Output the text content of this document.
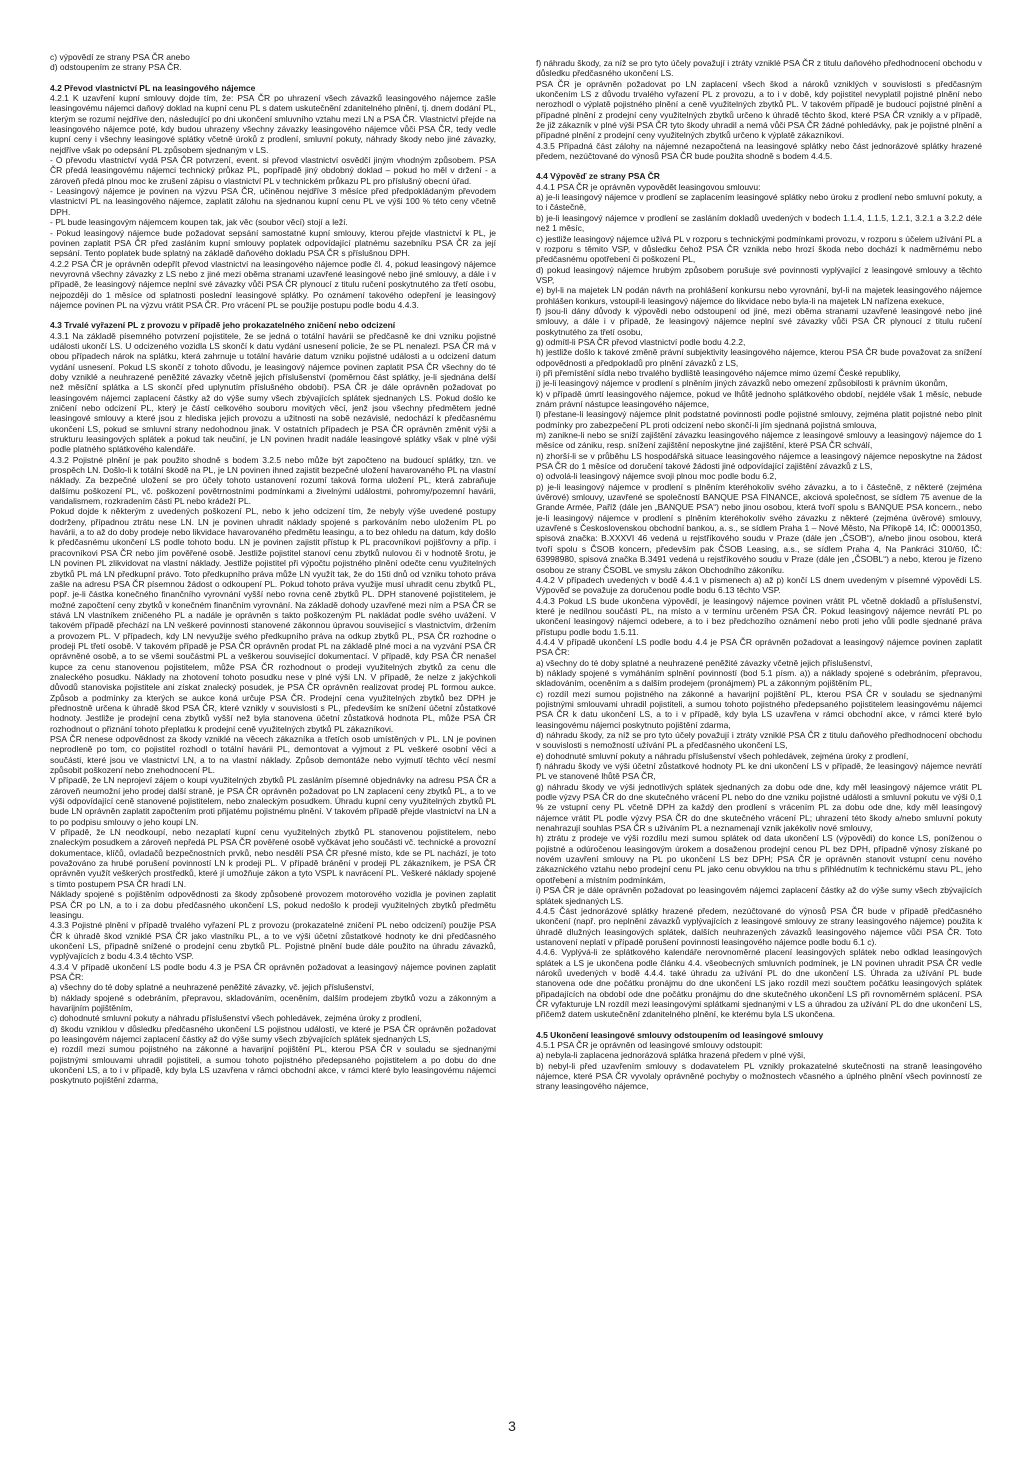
c) výpovědí ze strany PSA ČR anebo

d) odstoupením ze strany PSA ČR.

4.2 Převod vlastnictví PL na leasingového nájemce

4.2.1 K uzavření kupní smlouvy dojde tím, že: PSA ČR po uhrazení všech závazků leasingového nájemce zašle leasingovému nájemci daňový doklad na kupní cenu PL s datem uskutečnění zdanitelného plnění, tj. dnem dodání PL, kterým se rozumí nejdříve den, následující po dni ukončení smluvního vztahu mezi LN a PSA ČR. Vlastnictví přejde na leasingového nájemce poté, kdy budou uhrazeny všechny závazky leasingového nájemce vůči PSA ČR, tedy vedle kupní ceny i všechny leasingové splátky včetně úroků z prodlení, smluvní pokuty, náhrady škody nebo jiné závazky, nejdříve však po odepsání PL způsobem sjednaným v LS.

- O převodu vlastnictví vydá PSA ČR potvrzení, event. si převod vlastnictví osvědčí jiným vhodným způsobem. PSA ČR předá leasingovému nájemci technický průkaz PL, popřípadě jiný obdobný doklad – pokud ho měl v držení - a zároveň předá plnou moc ke zrušení zápisu o vlastnictví PL v technickém průkazu PL pro příslušný obecní úřad.

- Leasingový nájemce je povinen na výzvu PSA ČR, učiněnou nejdříve 3 měsíce před předpokládaným převodem vlastnictví PL na leasingového nájemce, zaplatit zálohu na sjednanou kupní cenu PL ve výši 100 % této ceny včetně DPH.

- PL bude leasingovým nájemcem koupen tak, jak věc (soubor věcí) stojí a leží.

- Pokud leasingový nájemce bude požadovat sepsání samostatné kupní smlouvy, kterou přejde vlastnictví k PL, je povinen zaplatit PSA ČR před zasláním kupní smlouvy poplatek odpovídající platnému sazebníku PSA ČR za její sepsání. Tento poplatek bude splatný na základě daňového dokladu PSA ČR s příslušnou DPH.

4.2.2 PSA ČR je oprávněn odepřít převod vlastnictví na leasingového nájemce podle čl. 4, pokud leasingový nájemce nevyrovná všechny závazky z LS nebo z jiné mezi oběma stranami uzavřené leasingové nebo jiné smlouvy, a dále i v případě, že leasingový nájemce neplní své závazky vůči PSA ČR plynoucí z titulu ručení poskytnutého za třetí osobu, nejpozději do 1 měsíce od splatnosti poslední leasingové splátky. Po oznámení takového odepření je leasingový nájemce povinen PL na výzvu vrátit PSA ČR. Pro vrácení PL se použije postupu podle bodu 4.4.3.

4.3 Trvalé vyřazení PL z provozu v případě jeho prokazatelného zničení nebo odcizení

4.3.1 Na základě písemného potvrzení pojistitele, že se jedná o totální havárii se předčasně ke dni vzniku pojistné události ukončí LS. U odcizeného vozidla LS skončí k datu vydání usnesení policie, že se PL nenalezl. PSA ČR má v obou případech nárok na splátku, která zahrnuje u totální havárie datum vzniku pojistné události a u odcizení datum vydání usnesení. Pokud LS skončí z tohoto důvodu, je leasingový nájemce povinen zaplatit PSA ČR všechny do té doby vzniklé a neuhrazené peněžité závazky včetně jejich příslušenství (poměrnou část splátky, je-li sjednána delší než měsíční splátka a LS skončí před uplynutím příslušného období). PSA ČR je dále oprávněn požadovat po leasingovém nájemci zaplacení částky až do výše sumy všech zbývajících splátek sjednaných LS. Pokud došlo ke zničení nebo odcizení PL, který je částí celkového souboru movitých věcí, jenž jsou všechny předmětem jedné leasingové smlouvy a které jsou z hlediska jejich provozu a užitnosti na sobě nezávislé, nedochází k předčasnému ukončení LS, pokud se smluvní strany nedohodnou jinak. V ostatních případech je PSA ČR oprávněn změnit výši a strukturu leasingových splátek a pokud tak neučiní, je LN povinen hradit nadále leasingové splátky však v plné výši podle platného splátkového kalendáře.

4.3.2 Pojistné plnění je pak použito shodně s bodem 3.2.5 nebo může být započteno na budoucí splátky, tzn. ve prospěch LN. Došlo-li k totální škodě na PL, je LN povinen ihned zajistit bezpečné uložení havarovaného PL na vlastní náklady. Za bezpečné uložení se pro účely tohoto ustanovení rozumí taková forma uložení PL, která zabraňuje dalšímu poškození PL, vč. poškození povětrnostními podmínkami a živelnými událostmi, pohromy/pozemní havárii, vandalismem, rozkradením části PL nebo krádeží PL.

Pokud dojde k některým z uvedených poškození PL, nebo k jeho odcizení tím, že nebyly výše uvedené postupy dodrženy, případnou ztrátu nese LN. LN je povinen uhradit náklady spojené s parkováním nebo uložením PL po havárii, a to až do doby prodeje nebo likvidace havarovaného předmětu leasingu, a to bez ohledu na datum, kdy došlo k předčasnému ukončení LS podle tohoto bodu. LN je povinen zajistit přístup k PL pracovníkovi pojišťovny a příp. i pracovníkovi PSA ČR nebo jím pověřené osobě. Jestliže pojistitel stanoví cenu zbytků nulovou či v hodnotě šrotu, je LN povinen PL zlikvidovat na vlastní náklady. Jestliže pojistitel při výpočtu pojistného plnění odečte cenu využitelných zbytků PL má LN předkupní právo. Toto předkupního práva může LN využít tak, že do 15ti dnů od vzniku tohoto práva zašle na adresu PSA ČR písemnou žádost o odkoupení PL. Pokud tohoto práva využije musí uhradit cenu zbytků PL, popř. je-li částka konečného finančního vyrovnání vyšší nebo rovna ceně zbytků PL. DPH stanovené pojistitelem, je možné započtení ceny zbytků v konečném finančním vyrovnání. Na základě dohody uzavřené mezi ním a PSA ČR se stává LN vlastníkem zničeného PL a nadále je oprávněn s takto poškozeným PL nakládat podle svého uvážení. V takovém případě přechází na LN veškeré povinnosti stanovené zákonnou úpravou související s vlastnictvím, držením a provozem PL. V případech, kdy LN nevyužije svého předkupního práva na odkup zbytků PL, PSA ČR rozhodne o prodeji PL třetí osobě. V takovém případě je PSA ČR oprávněn prodat PL na základě plné moci a na vyzvání PSA ČR oprávněné osobě, a to se všemi součástmi PL a veškerou související dokumentací. V případě, kdy PSA ČR nenašel kupce za cenu stanovenou pojistitelem, může PSA ČR rozhodnout o prodeji využitelných zbytků za cenu dle znaleckého posudku. Náklady na zhotovení tohoto posudku nese v plné výši LN. V případě, že nelze z jakýchkoli důvodů stanoviska pojistitele ani získat znalecký posudek, je PSA ČR oprávněn realizovat prodej PL formou aukce. Způsob a podmínky za kterých se aukce koná určuje PSA ČR. Prodejní cena využitelných zbytků bez DPH je přednostně určena k úhradě škod PSA ČR, které vznikly v souvislosti s PL, především ke snížení účetní zůstatkové hodnoty. Jestliže je prodejní cena zbytků vyšší než byla stanovena účetní zůstatková hodnota PL, může PSA ČR rozhodnout o přiznání tohoto přeplatku k prodejní ceně využitelných zbytků PL zákazníkovi.

PSA ČR nenese odpovědnost za škody vzniklé na věcech zákazníka a třetích osob umístěných v PL. LN je povinen neprodleně po tom, co pojistitel rozhodl o totální havárii PL, demontovat a vyjmout z PL veškeré osobní věci a součásti, které jsou ve vlastnictví LN, a to na vlastní náklady. Způsob demontáže nebo vyjmutí těchto věcí nesmí způsobit poškození nebo znehodnocení PL.

V případě, že LN neprojeví zájem o koupi využitelných zbytků PL zasláním písemné objednávky na adresu PSA ČR a zároveň neumožní jeho prodej další straně, je PSA ČR oprávněn požadovat po LN zaplacení ceny zbytků PL, a to ve výši odpovídající ceně stanovené pojistitelem, nebo znaleckým posudkem. Úhradu kupní ceny využitelných zbytků PL bude LN oprávněn zaplatit započtením proti přijatému pojistnému plnění. V takovém případě přejde vlastnictví na LN a to po podpisu smlouvy o jeho koupi LN.

V případě, že LN neodkoupí, nebo nezaplatí kupní cenu využitelných zbytků PL stanovenou pojistitelem, nebo znaleckým posudkem a zároveň nepředá PL PSA ČR pověřené osobě vyčkávat jeho součásti vč. technické a provozní dokumentace, klíčů, ovladačů bezpečnostních prvků, nebo nesdělí PSA ČR přesné místo, kde se PL nachází, je toto považováno za hrubé porušení povinností LN k prodeji PL. V případě bránění v prodeji PL zákazníkem, je PSA ČR oprávněn využít veškerých prostředků, které jí umožňuje zákon a tyto VSPL k navrácení PL. Veškeré náklady spojené s tímto postupem PSA ČR hradí LN.

Náklady spojené s pojištěním odpovědnosti za škody způsobené provozem motorového vozidla je povinen zaplatit PSA ČR po LN, a to i za dobu předčasného ukončení LS, pokud nedošlo k prodeji využitelných zbytků předmětu leasingu.

4.3.3 Pojistné plnění v případě trvalého vyřazení PL z provozu (prokazatelné zničení PL nebo odcizení) použije PSA ČR k úhradě škod vzniklé PSA ČR jako vlastníku PL, a to ve výši účetní zůstatkové hodnoty ke dni předčasného ukončení LS, případně snížené o prodejní cenu zbytků PL. Pojistné plnění bude dále použito na úhradu závazků, vyplývajících z bodu 4.3.4 těchto VSP.

4.3.4 V případě ukončení LS podle bodu 4.3 je PSA ČR oprávněn požadovat a leasingový nájemce povinen zaplatit PSA ČR:

a) všechny do té doby splatné a neuhrazené peněžité závazky, vč. jejich příslušenství,

b) náklady spojené s odebráním, přepravou, skladováním, oceněním, dalším prodejem zbytků vozu a zákonným a havarijním pojištěním,

c) dohodnuté smluvní pokuty a náhradu příslušenství všech pohledávek, zejména úroky z prodlení,

d) škodu vzniklou v důsledku předčasného ukončení LS pojistnou událostí, ve které je PSA ČR oprávněn požadovat po leasingovém nájemci zaplacení částky až do výše sumy všech zbývajících splátek sjednaných LS,

e) rozdíl mezi sumou pojistného na zákonné a havarijní pojištění PL, kterou PSA ČR v souladu se sjednanými pojistnými smlouvami uhradil pojistiteli, a sumou tohoto pojistného předepsaného pojistitelem a po dobu do dne ukončení LS, a to i v případě, kdy byla LS uzavřena v rámci obchodní akce, v rámci které bylo leasingovému nájemci poskytnuto pojištění zdarma,

f) náhradu škody, za níž se pro tyto účely považují i ztráty vzniklé PSA ČR z titulu daňového předhodnocení obchodu v důsledku předčasného ukončení LS.

PSA ČR je oprávněn požadovat po LN zaplacení všech škod a nároků vzniklých v souvislosti s předčasným ukončením LS z důvodu trvalého vyřazení PL z provozu, a to i v době, kdy pojistitel nevyplatil pojistné plnění nebo nerozhodl o výplatě pojistného plnění a ceně využitelných zbytků PL. V takovém případě je budoucí pojistné plnění a případné plnění z prodejní ceny využitelných zbytků určeno k úhradě těchto škod, které PSA ČR vznikly a v případě, že již zákazník v plné výši PSA ČR tyto škody uhradil a nemá vůči PSA ČR žádné pohledávky, pak je pojistné plnění a případné plnění z prodejní ceny využitelných zbytků určeno k výplatě zákazníkovi.

4.3.5 Případná část zálohy na nájemné nezapočtená na leasingové splátky nebo část jednorázové splátky hrazené předem, nezúčtované do výnosů PSA ČR bude použita shodně s bodem 4.4.5.

4.4 Výpověď ze strany PSA ČR

4.4.1 PSA ČR je oprávněn vypovědět leasingovou smlouvu:

a) je-li leasingový nájemce v prodlení se zaplacením leasingové splátky nebo úroku z prodlení nebo smluvní pokuty, a to i částečně,

b) je-li leasingový nájemce v prodlení se zasláním dokladů uvedených v bodech 1.1.4, 1.1.5, 1.2.1, 3.2.1 a 3.2.2 déle než 1 měsíc,

c) jestliže leasingový nájemce užívá PL v rozporu s technickými podmínkami provozu, v rozporu s účelem užívání PL a v rozporu s těmito VSP, v důsledku čehož PSA ČR vznikla nebo hrozí škoda nebo dochází k nadměrnému nebo předčasnému opotřebení či poškození PL,

d) pokud leasingový nájemce hrubým způsobem porušuje své povinnosti vyplývající z leasingové smlouvy a těchto VSP,

e) byl-li na majetek LN podán návrh na prohlášení konkursu nebo vyrovnání, byl-li na majetek leasingového nájemce prohlášen konkurs, vstoupil-li leasingový nájemce do likvidace nebo byla-li na majetek LN nařízena exekuce,

f) jsou-li dány důvody k výpovědi nebo odstoupení od jiné, mezi oběma stranami uzavřené leasingové nebo jiné smlouvy, a dále i v případě, že leasingový nájemce neplní své závazky vůči PSA ČR plynoucí z titulu ručení poskytnutého za třetí osobu,

g) odmítl-li PSA ČR převod vlastnictví podle bodu 4.2.2,

h) jestliže došlo k takové změně právní subjektivity leasingového nájemce, kterou PSA ČR bude považovat za snížení odpovědnosti a předpokladů pro plnění závazků z LS,

i) při přemístění sídla nebo trvalého bydliště leasingového nájemce mimo území České republiky,

j) je-li leasingový nájemce v prodlení s plněním jiných závazků nebo omezení způsobilosti k právním úkonům,

k) v případě úmrtí leasingového nájemce, pokud ve lhůtě jednoho splátkového období, nejdéle však 1 měsíc, nebude znám právní nástupce leasingového nájemce,

l) přestane-li leasingový nájemce plnit podstatné povinnosti podle pojistné smlouvy, zejména platit pojistné nebo plnit podmínky pro zabezpečení PL proti odcizení nebo skončí-li jím sjednaná pojistná smlouva,

m) zanikne-li nebo se sníží zajištění závazku leasingového nájemce z leasingové smlouvy a leasingový nájemce do 1 měsíce od zániku, resp. snížení zajištění neposkytne jiné zajištění, které PSA ČR schválí,

n) zhorší-li se v průběhu LS hospodářská situace leasingového nájemce a leasingový nájemce neposkytne na žádost PSA ČR do 1 měsíce od doručení takové žádosti jiné odpovídající zajištění závazků z LS,

o) odvolá-li leasingový nájemce svoji plnou moc podle bodu 6.2,

p) je-li leasingový nájemce v prodlení s plněním kteréhokoliv svého závazku, a to i částečně, z některé (zejména úvěrové) smlouvy, uzavřené se společností BANQUE PSA FINANCE, akciová společnost, se sídlem 75 avenue de la Grande Armée, Paříž (dále jen „BANQUE PSA“) nebo jinou osobou, která tvoří spolu s BANQUE PSA koncern., nebo je-li leasingový nájemce v prodlení s plněním kteréhokoliv svého závazku z některé (zejména úvěrové) smlouvy, uzavřené s Československou obchodní bankou, a. s., se sídlem Praha 1 – Nové Město, Na Příkopě 14, IČ: 00001350, spisová značka: B.XXXVI 46 vedená u rejstříkového soudu v Praze (dále jen „ČSOB“), a/nebo jinou osobou, která tvoří spolu s ČSOB koncern, především pak ČSOB Leasing, a.s., se sídlem Praha 4, Na Pankráci 310/60, IČ: 63998980, spisová značka B.3491 vedená u rejstříkového soudu v Praze (dále jen „ČSOBL“) a nebo, kterou je řízeno osobou ze strany ČSOBL ve smyslu zákon Obchodního zákoníku.

4.4.2 V případech uvedených v bodě 4.4.1 v písmenech a) až p) končí LS dnem uvedeným v písemné výpovědi LS. Výpověď se považuje za doručenou podle bodu 6.13 těchto VSP.

4.4.3 Pokud LS bude ukončena výpovědí, je leasingový nájemce povinen vrátit PL včetně dokladů a příslušenství, které je nedílnou součástí PL, na místo a v termínu určeném PSA ČR. Pokud leasingový nájemce nevrátí PL po ukončení leasingový nájemci odebere, a to i bez předchozího oznámení nebo proti jeho vůli podle sjednané práva přístupu podle bodu 1.5.11.

4.4.4 V případě ukončení LS podle bodu 4.4 je PSA ČR oprávněn požadovat a leasingový nájemce povinen zaplatit PSA ČR:

a) všechny do té doby splatné a neuhrazené peněžité závazky včetně jejich příslušenství,

b) náklady spojené s vymáháním splnění povinností (bod 5.1 písm. a)) a náklady spojené s odebráním, přepravou, skladováním, oceněním a s dalším prodejem (pronájmem) PL a zákonným pojištěním PL,

c) rozdíl mezi sumou pojistného na zákonné a havarijní pojištění PL, kterou PSA ČR v souladu se sjednanými pojistnými smlouvami uhradil pojistiteli, a sumou tohoto pojistného předepsaného pojistitelem leasingovému nájemci PSA ČR k datu ukončení LS, a to i v případě, kdy byla LS uzavřena v rámci obchodní akce, v rámci které bylo leasingovému nájemci poskytnuto pojištění zdarma,

d) náhradu škody, za níž se pro tyto účely považují i ztráty vzniklé PSA ČR z titulu daňového předhodnocení obchodu v souvislosti s nemožností užívání PL a předčasného ukončení LS,

e) dohodnuté smluvní pokuty a náhradu příslušenství všech pohledávek, zejména úroky z prodlení,

f) náhradu škody ve výši účetní zůstatkové hodnoty PL ke dni ukončení LS v případě, že leasingový nájemce nevrátí PL ve stanovené lhůtě PSA ČR,

g) náhradu škody ve výši jednotlivých splátek sjednaných za dobu ode dne, kdy měl leasingový nájemce vrátit PL podle výzvy PSA ČR do dne skutečného vrácení PL nebo do dne vzniku pojistné události a smluvní pokutu ve výši 0,1 % ze vstupní ceny PL včetně DPH za každý den prodlení s vrácením PL za dobu ode dne, kdy měl leasingový nájemce vrátit PL podle výzvy PSA ČR do dne skutečného vrácení PL; uhrazení této škody a/nebo smluvní pokuty nenahrazují souhlas PSA ČR s užíváním PL a neznamenají vznik jakékoliv nové smlouvy,

h) ztrátu z prodeje ve výši rozdílu mezi sumou splátek od data ukončení LS (výpovědi) do konce LS, poníženou o pojistné a odúročenou leasingovým úrokem a dosaženou prodejní cenou PL bez DPH, případně výnosy získané po novém uzavření smlouvy na PL po ukončení LS bez DPH; PSA ČR je oprávněn stanovit vstupní cenu nového zákaznického vztahu nebo prodejní cenu PL jako cenu obvyklou na trhu s přihlédnutím k technickému stavu PL, jeho opotřebení a místním podmínkám,

i) PSA ČR je dále oprávněn požadovat po leasingovém nájemci zaplacení částky až do výše sumy všech zbývajících splátek sjednaných LS.

4.4.5 Část jednorázové splátky hrazené předem, nezúčtované do výnosů PSA ČR bude v případě předčasného ukončení (např. pro neplnění závazků vyplývajících z leasingové smlouvy ze strany leasingového nájemce) použita k úhradě dlužných leasingových splátek, dalších neuhrazených závazků leasingového nájemce vůči PSA ČR. Toto ustanovení neplatí v případě porušení povinnosti leasingového nájemce podle bodu 6.1 c).

4.4.6. Vyplývá-li ze splátkového kalendáře nerovnoměrné placení leasingových splátek nebo odklad leasingových splátek a LS je ukončena podle článku 4.4. všeobecných smluvních podmínek, je LN povinen uhradit PSA ČR vedle nároků uvedených v bodě 4.4.4. také úhradu za užívání PL do dne ukončení LS. Úhrada za užívání PL bude stanovena ode dne počátku pronájmu do dne ukončení LS jako rozdíl mezi součtem počátku leasingových splátek připadajících na období ode dne počátku pronájmu do dne skutečného ukončení LS při rovnoměrném splácení. PSA ČR vyfakturuje LN rozdíl mezi leasingovými splátkami sjednanými v LS a úhradou za užívání PL do dne ukončení LS, přičemž datem uskutečnění zdanitelného plnění, ke kterému byla LS ukončena.

4.5 Ukončení leasingové smlouvy odstoupením od leasingové smlouvy

4.5.1 PSA ČR je oprávněn od leasingové smlouvy odstoupit:

a) nebyla-li zaplacena jednorázová splátka hrazená předem v plné výši,

b) nebyl-li před uzavřením smlouvy s dodavatelem PL vznikly prokazatelné skutečnosti na straně leasingového nájemce, které PSA ČR vyvolaly oprávněné pochyby o možnostech včasného a úplného plnění všech povinností ze strany leasingového nájemce,

3
